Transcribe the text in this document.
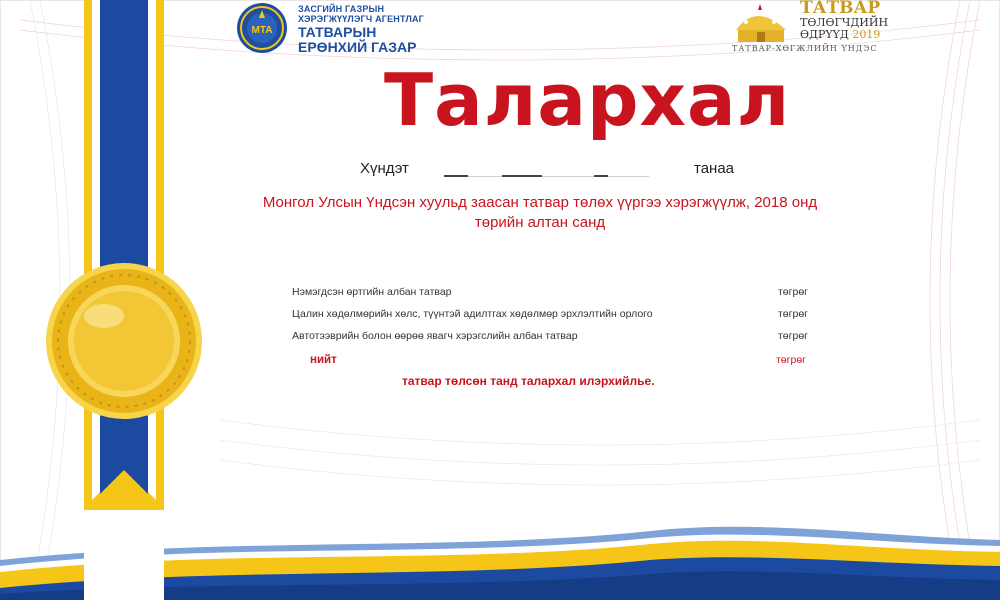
МТА
ЗАСГИЙН ГАЗРЫН
ХЭРЭГЖҮҮЛЭГЧ АГЕНТЛАГ
ТАТВАРЫН
ЕРӨНХИЙ ГАЗАР
ТАТВАР
ТӨЛӨГЧДИЙН
ӨДРҮҮД 2019
ТАТВАР-ХӨГЖЛИЙН ҮНДЭС
Талархал
Хүндэт	танаа
Монгол Улсын Үндсэн хуульд заасан татвар төлөх үүргээ хэрэгжүүлж, 2018 онд төрийн алтан санд
Нэмэгдсэн өртгийн албан татвар	төгрөг
Цалин хөдөлмөрийн хөлс, түүнтэй адилтгах хөдөлмөр эрхлэлтийн орлого	төгрөг
Автотээврийн болон өөрөө явагч хэрэгслийн албан татвар	төгрөг
нийт	төгрөг
татвар төлсөн танд талархал илэрхийлье.
